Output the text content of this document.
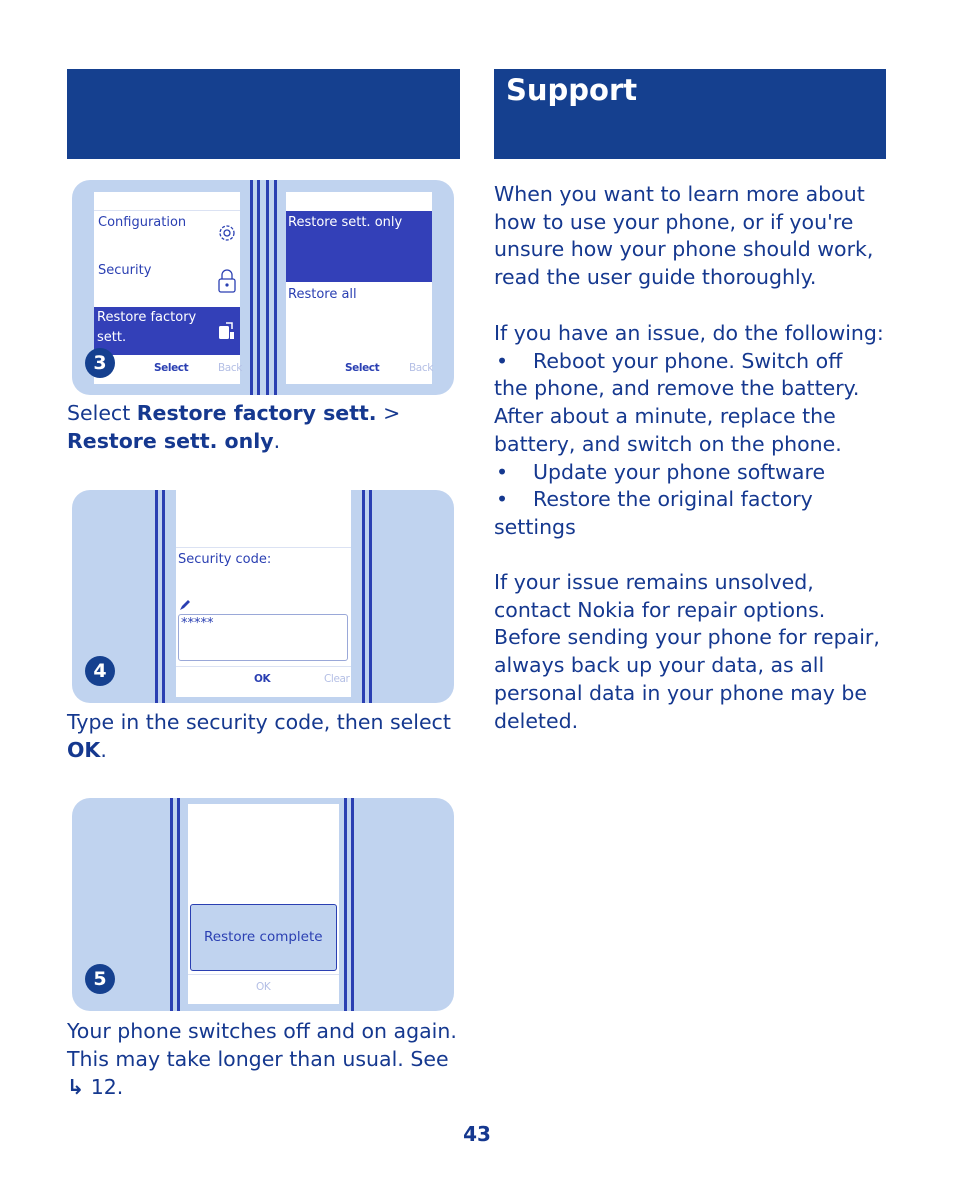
Support
Configuration
Security
Restore factory
sett.
Select	Back
Restore sett. only
Restore all
Select	Back
3
Select Restore factory sett. >
Restore sett. only.
Security code:
*****
OK	Clear
4
Type in the security code, then select
OK.
Restore complete
OK
5
Your phone switches off and on again.
This may take longer than usual. See
↳ 12.
When you want to learn more about
how to use your phone, or if you're
unsure how your phone should work,
read the user guide thoroughly.
If you have an issue, do the following:
•	Reboot your phone. Switch off
the phone, and remove the battery.
After about a minute, replace the
battery, and switch on the phone.
•	Update your phone software
•	Restore the original factory
settings
If your issue remains unsolved,
contact Nokia for repair options.
Before sending your phone for repair,
always back up your data, as all
personal data in your phone may be
deleted.
43
